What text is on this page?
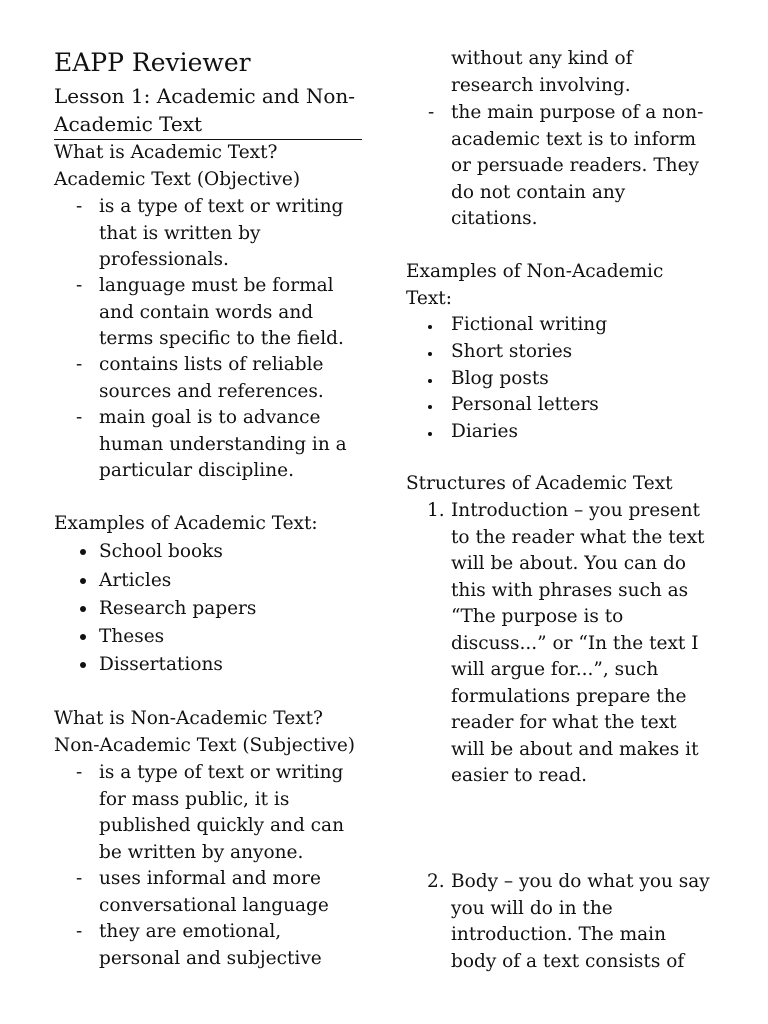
EAPP Reviewer
Lesson 1: Academic and Non-Academic Text
What is Academic Text?
Academic Text (Objective)
- is a type of text or writing that is written by professionals.
- language must be formal and contain words and terms specific to the field.
- contains lists of reliable sources and references.
- main goal is to advance human understanding in a particular discipline.
Examples of Academic Text:
School books
Articles
Research papers
Theses
Dissertations
What is Non-Academic Text?
Non-Academic Text (Subjective)
- is a type of text or writing for mass public, it is published quickly and can be written by anyone.
- uses informal and more conversational language
- they are emotional, personal and subjective
without any kind of research involving.
- the main purpose of a non-academic text is to inform or persuade readers. They do not contain any citations.
Examples of Non-Academic Text:
Fictional writing
Short stories
Blog posts
Personal letters
Diaries
Structures of Academic Text
1. Introduction – you present to the reader what the text will be about. You can do this with phrases such as “The purpose is to discuss...” or “In the text I will argue for...”, such formulations prepare the reader for what the text will be about and makes it easier to read.
2. Body – you do what you say you will do in the introduction. The main body of a text consists of
